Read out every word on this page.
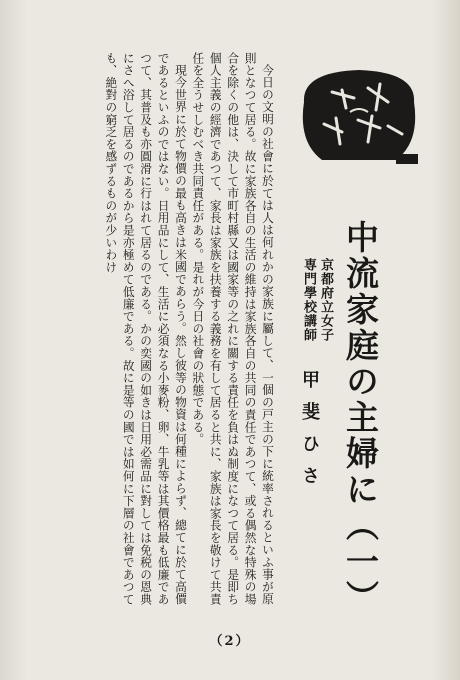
中流家庭の主婦に（一）
京都府立女子
専門學校講師
甲斐ひさ

今日の文明の社會に於ては人は何れかの家族に屬して、一個の戸主の下に統率されるといふ事が原則となつて居る。故に家族各自の生活の維持は家族各自の共同の責任であつて、或る偶然な特殊の場合を除くの他は、決して市町村縣又は國家等の之れに關する責任を負はぬ制度になつて居る。是即ち個人主義の經濟であつて、家長は家族を扶養する義務を有して居ると共に、家族は家長を敬けて共責任を全うせしむべき共同責任がある。是れが今日の社會の狀態である。

現今世界に於て物價の最も高きは米國であらう。然し彼等の物資は何種によらず、總てに於て高價であるといふのではない。日用品にして、生活に必須なる小麥粉、卵、牛乳等は其價格最も低廉であつて、其普及も亦圓滑に行はれて居るのである。かの奕國の如きは日用必需品に對しては免税の恩典にさへ浴して居るのであるから是亦極めて低廉である。故に是等の國では如何に下層の社會であつても、絶對の窮乏を感ずるものが少いわけ

（2）
